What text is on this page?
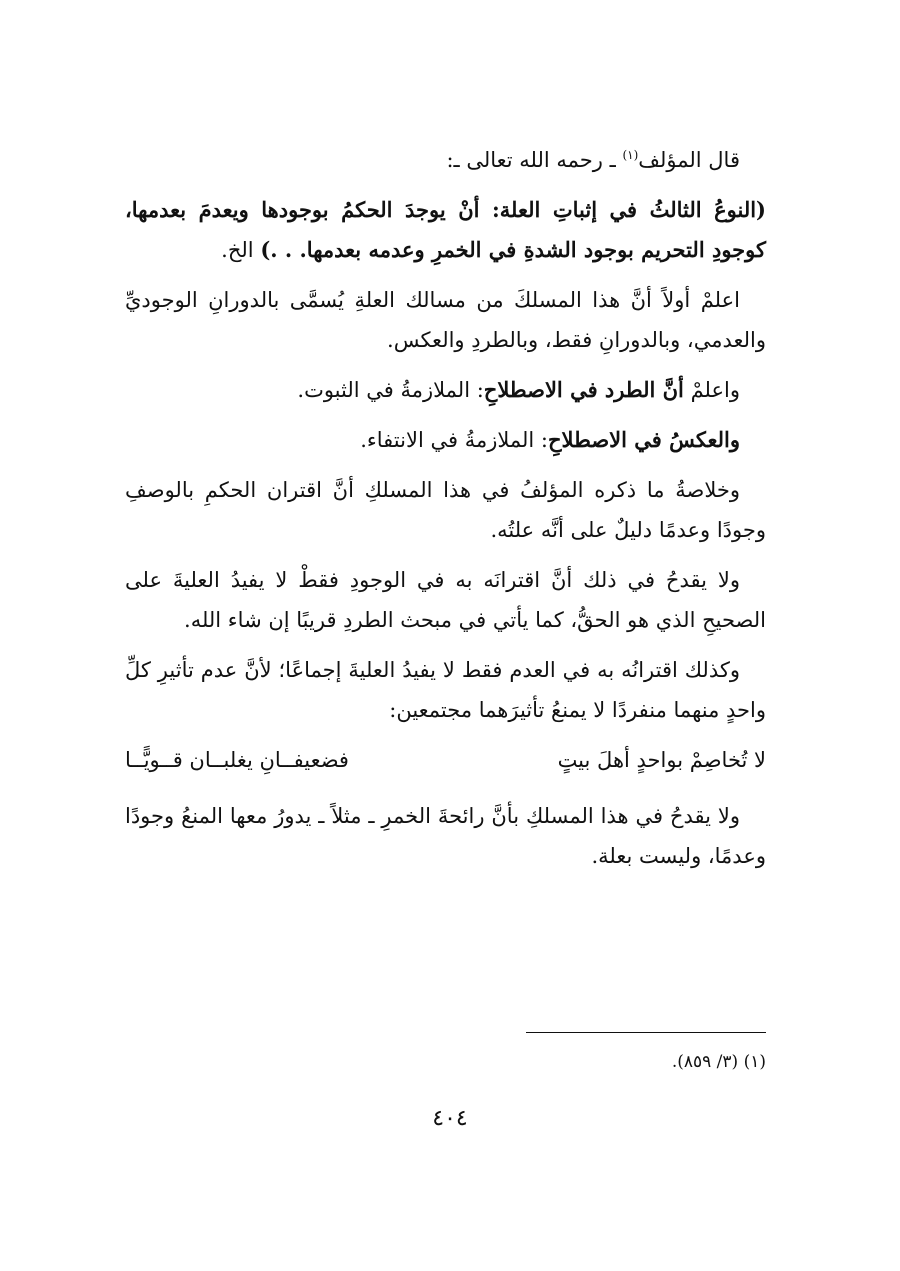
قال المؤلف$^{(١)}$ ـ رحمه الله تعالى ـ:

(النوعُ الثالثُ في إثباتِ العلة: أنْ يوجدَ الحكمُ بوجودها ويعدمَ بعدمها، كوجودِ التحريم بوجود الشدةِ في الخمرِ وعدمه بعدمها. . .) الخ.

اعلمْ أولاً أنَّ هذا المسلكَ من مسالك العلةِ يُسمَّى بالدورانِ الوجوديِّ والعدمي، وبالدورانِ فقط، وبالطردِ والعكس.

واعلمْ أنَّ الطرد في الاصطلاحِ: الملازمةُ في الثبوت.

والعكسُ في الاصطلاحِ: الملازمةُ في الانتفاء.

وخلاصةُ ما ذكره المؤلفُ في هذا المسلكِ أنَّ اقتران الحكمِ بالوصفِ وجودًا وعدمًا دليلٌ على أنَّه علتُه.

ولا يقدحُ في ذلك أنَّ اقترانَه به في الوجودِ فقطْ لا يفيدُ العليةَ على الصحيحِ الذي هو الحقُّ، كما يأتي في مبحث الطردِ قريبًا إن شاء الله.

وكذلك اقترانُه به في العدم فقط لا يفيدُ العليةَ إجماعًا؛ لأنَّ عدم تأثيرِ كلِّ واحدٍ منهما منفردًا لا يمنعُ تأثيرَهما مجتمعين:

لا تُخاصِمْ بواحدٍ أهلَ بيتٍ
فضعيفــانِ يغلبــان قــويًّــا

ولا يقدحُ في هذا المسلكِ بأنَّ رائحةَ الخمرِ ـ مثلاً ـ يدورُ معها المنعُ وجودًا وعدمًا، وليست بعلة.

(١) (٣/ ٨٥٩).
٤٠٤
